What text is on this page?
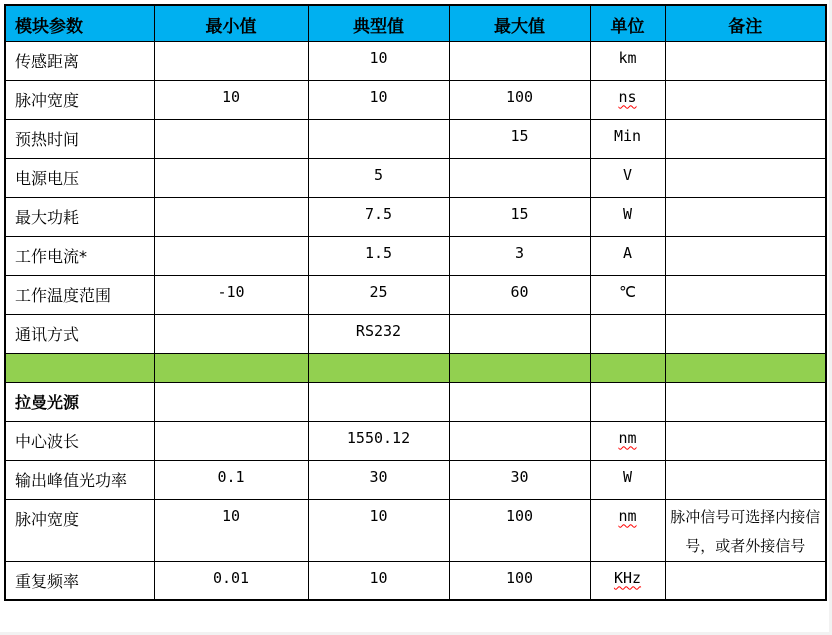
模块参数	最小值	典型值	最大值	单位	备注
传感距离		10		km	
脉冲宽度	10	10	100	ns	
预热时间			15	Min	
电源电压		5		V	
最大功耗		7.5	15	W	
工作电流*		1.5	3	A	
工作温度范围	-10	25	60	℃	
通讯方式		RS232			

拉曼光源					
中心波长		1550.12		nm	
输出峰值光功率	0.1	30	30	W	
脉冲宽度	10	10	100	nm	脉冲信号可选择内接信号，或者外接信号
重复频率	0.01	10	100	KHz	
